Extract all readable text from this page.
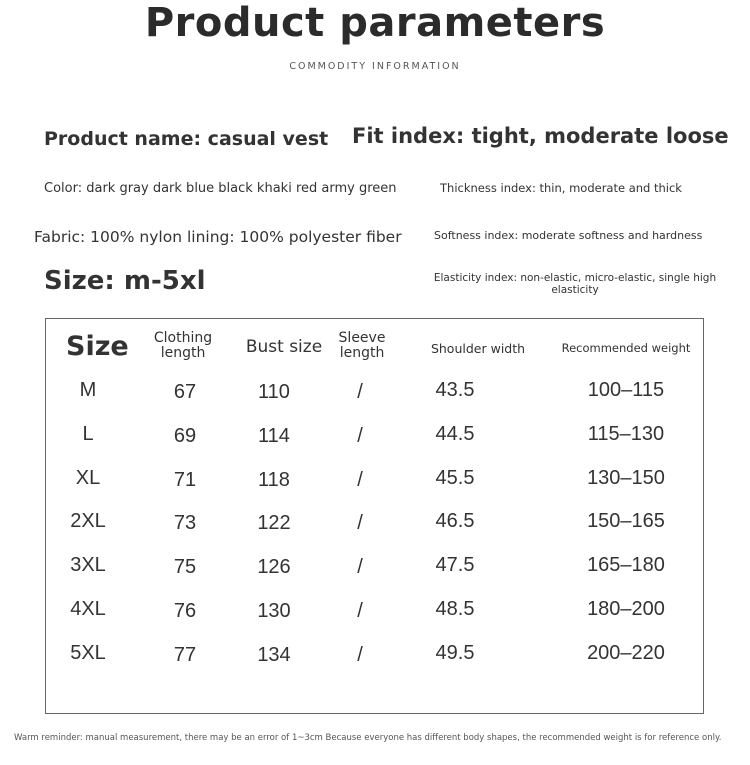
Product parameters
COMMODITY INFORMATION
Product name: casual vest Fit index: tight, moderate loose
Color: dark gray dark blue black khaki red army green	Thickness index: thin, moderate and thick
Fabric: 100% nylon lining: 100% polyester fiber	Softness index: moderate softness and hardness
Size: m-5xl	Elasticity index: non-elastic, micro-elastic, single high elasticity
Size	Clothing length	Bust size	Sleeve length	Shoulder width	Recommended weight
M	67	110	/	43.5	100–115
L	69	114	/	44.5	115–130
XL	71	118	/	45.5	130–150
2XL	73	122	/	46.5	150–165
3XL	75	126	/	47.5	165–180
4XL	76	130	/	48.5	180–200
5XL	77	134	/	49.5	200–220
Warm reminder: manual measurement, there may be an error of 1~3cm Because everyone has different body shapes, the recommended weight is for reference only.
